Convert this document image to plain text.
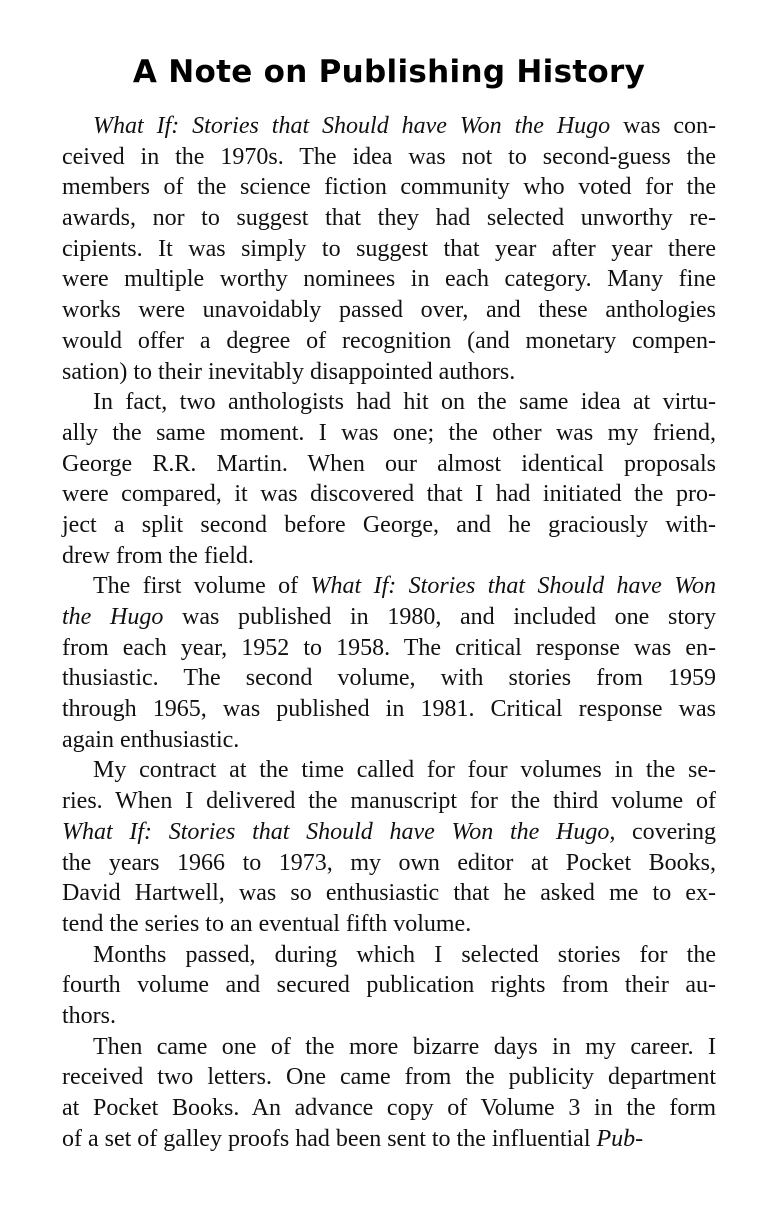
A Note on Publishing History
What If: Stories that Should have Won the Hugo was con-
ceived in the 1970s. The idea was not to second-guess the
members of the science fiction community who voted for the
awards, nor to suggest that they had selected unworthy re-
cipients. It was simply to suggest that year after year there
were multiple worthy nominees in each category. Many fine
works were unavoidably passed over, and these anthologies
would offer a degree of recognition (and monetary compen-
sation) to their inevitably disappointed authors.
In fact, two anthologists had hit on the same idea at virtu-
ally the same moment. I was one; the other was my friend,
George R.R. Martin. When our almost identical proposals
were compared, it was discovered that I had initiated the pro-
ject a split second before George, and he graciously with-
drew from the field.
The first volume of What If: Stories that Should have Won
the Hugo was published in 1980, and included one story
from each year, 1952 to 1958. The critical response was en-
thusiastic. The second volume, with stories from 1959
through 1965, was published in 1981. Critical response was
again enthusiastic.
My contract at the time called for four volumes in the se-
ries. When I delivered the manuscript for the third volume of
What If: Stories that Should have Won the Hugo, covering
the years 1966 to 1973, my own editor at Pocket Books,
David Hartwell, was so enthusiastic that he asked me to ex-
tend the series to an eventual fifth volume.
Months passed, during which I selected stories for the
fourth volume and secured publication rights from their au-
thors.
Then came one of the more bizarre days in my career. I
received two letters. One came from the publicity department
at Pocket Books. An advance copy of Volume 3 in the form
of a set of galley proofs had been sent to the influential Pub-
